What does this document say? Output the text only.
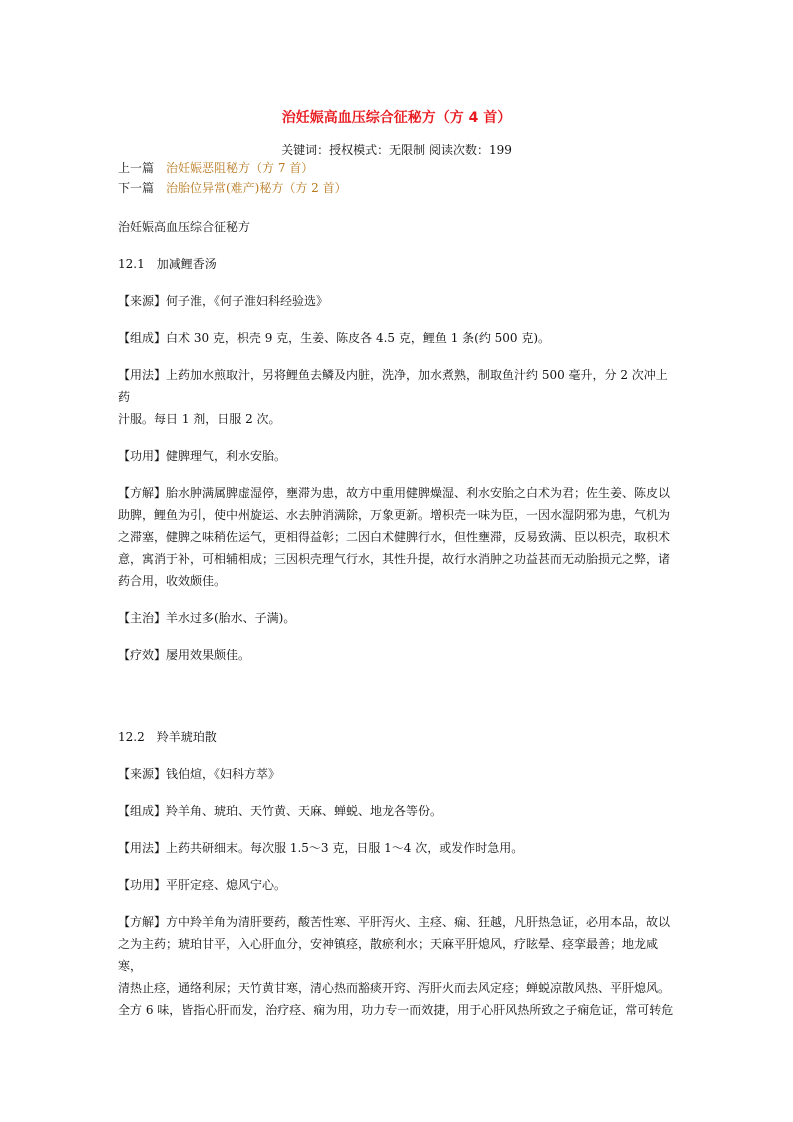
治妊娠高血压综合征秘方（方 4 首）
关键词：授权模式：无限制 阅读次数：199
上一篇 治妊娠恶阻秘方（方 7 首）
下一篇 治胎位异常(难产)秘方（方 2 首）

治妊娠高血压综合征秘方

12.1　加减鲤香汤

【来源】何子淮，《何子淮妇科经验选》

【组成】白术 30 克，枳壳 9 克，生姜、陈皮各 4.5 克，鲤鱼 1 条(约 500 克)。

【用法】上药加水煎取汁，另将鲤鱼去鳞及内脏，洗净，加水煮熟，制取鱼汁约 500 毫升，分 2 次冲上药

汁服。每日 1 剂，日服 2 次。

【功用】健脾理气，利水安胎。

【方解】胎水肿满属脾虚湿停，壅滞为患，故方中重用健脾燥湿、利水安胎之白术为君；佐生姜、陈皮以

助脾，鲤鱼为引，使中州旋运、水去肿消满除，万象更新。增枳壳一味为臣，一因水湿阴邪为患，气机为

之滞塞，健脾之味稍佐运气，更相得益彰；二因白术健脾行水，但性壅滞，反易致满、臣以枳壳，取枳术

意，寓消于补，可相辅相成；三因枳壳理气行水，其性升提，故行水消肿之功益甚而无动胎损元之弊，诸

药合用，收效颇佳。

【主治】羊水过多(胎水、子满)。

【疗效】屡用效果颇佳。

12.2　羚羊琥珀散

【来源】钱伯煊，《妇科方萃》

【组成】羚羊角、琥珀、天竹黄、天麻、蝉蜕、地龙各等份。

【用法】上药共研细末。每次服 1.5～3 克，日服 1～4 次，或发作时急用。

【功用】平肝定痉、熄风宁心。

【方解】方中羚羊角为清肝要药，酸苦性寒、平肝泻火、主痉、痫、狂越，凡肝热急证，必用本品，故以

之为主药；琥珀甘平，入心肝血分，安神镇痉，散瘀利水；天麻平肝熄风，疗眩晕、痉挛最善；地龙咸寒，

清热止痉，通络利尿；天竹黄甘寒，清心热而豁痰开窍、泻肝火而去风定痉；蝉蜕凉散风热、平肝熄风。

全方 6 味，皆指心肝而发，治疗痉、痫为用，功力专一而效捷，用于心肝风热所致之子痫危证，常可转危
